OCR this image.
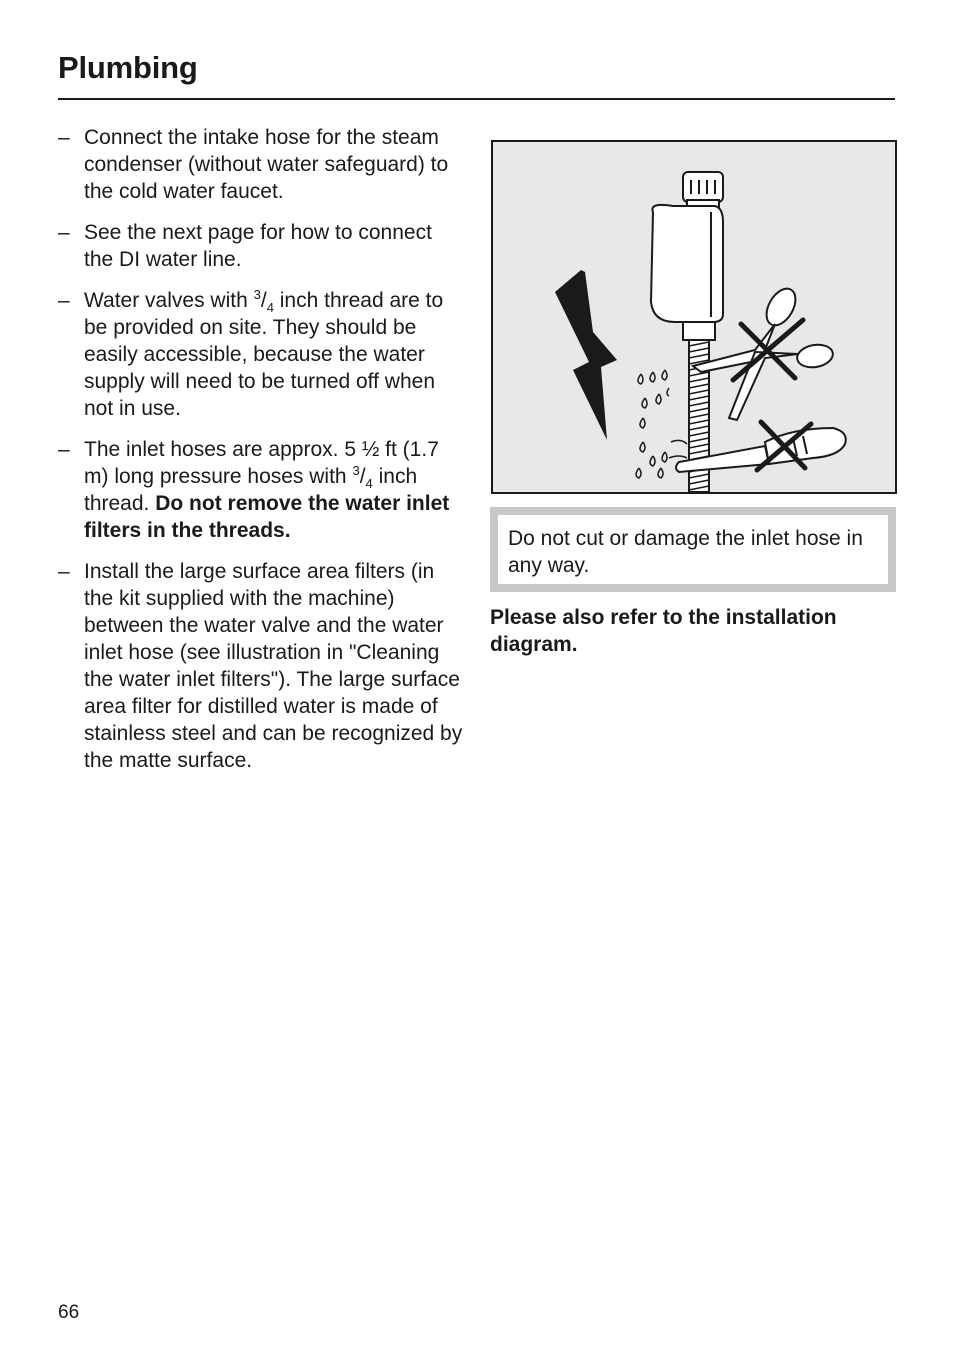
Plumbing

– Connect the intake hose for the steam condenser (without water safeguard) to the cold water faucet.

– See the next page for how to connect the DI water line.

– Water valves with $^3/_4$ inch thread are to be provided on site. They should be easily accessible, because the water supply will need to be turned off when not in use.

– The inlet hoses are approx. 5 ½ ft (1.7 m) long pressure hoses with $^3/_4$ inch thread. Do not remove the water inlet filters in the threads.

– Install the large surface area filters (in the kit supplied with the machine) between the water valve and the water inlet hose (see illustration in "Cleaning the water inlet filters"). The large surface area filter for distilled water is made of stainless steel and can be recognized by the matte surface.

Do not cut or damage the inlet hose in any way.

Please also refer to the installation diagram.

66
